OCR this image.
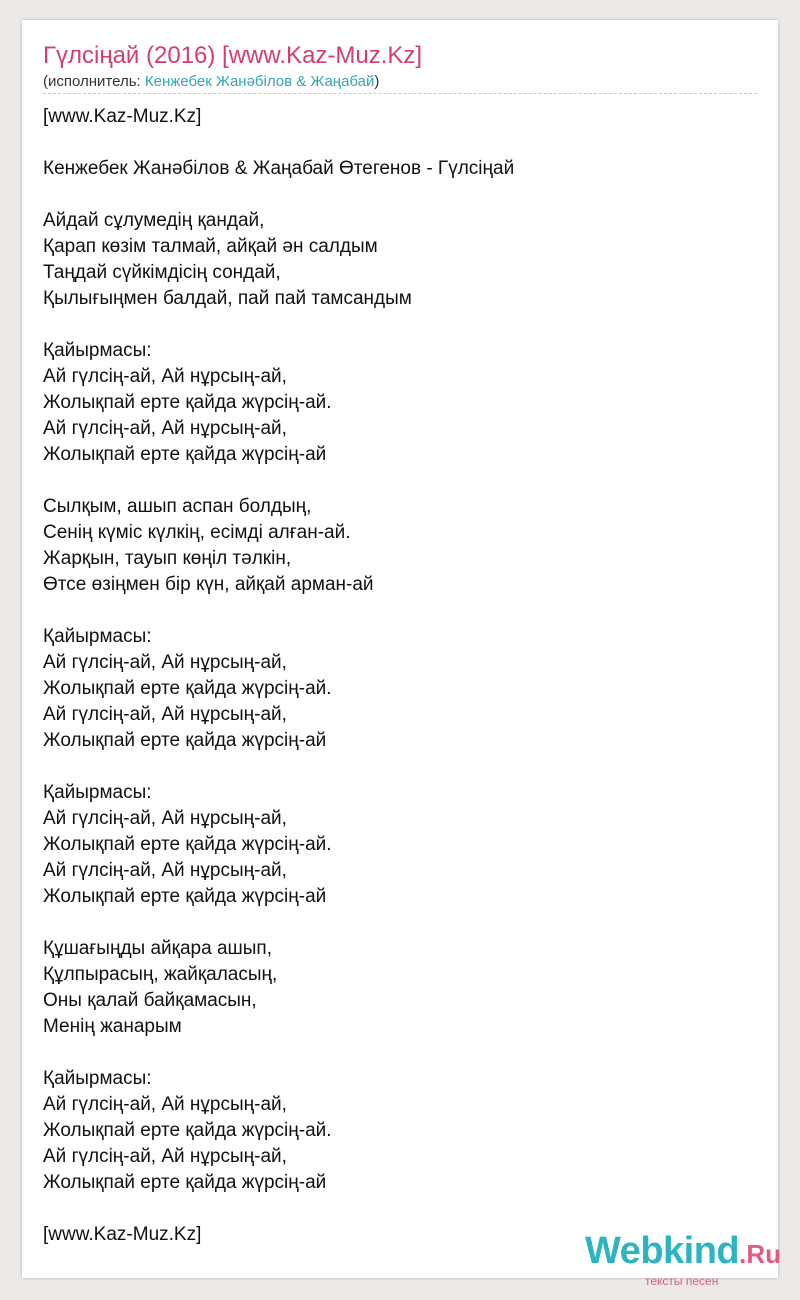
Гүлсіңай (2016) [www.Kaz-Muz.Kz]
(исполнитель: Кенжебек Жанәбілов & Жаңабай)
[www.Kaz-Muz.Kz]

Кенжебек Жанәбілов & Жаңабай Өтегенов - Гүлсіңай

Айдай сұлумедің қандай,
Қарап көзім талмай, айқай ән салдым
Таңдай сүйкімдісің сондай,
Қылығыңмен балдай, пай пай тамсандым

Қайырмасы:
Ай гүлсің-ай, Ай нұрсың-ай,
Жолықпай ерте қайда жүрсің-ай.
Ай гүлсің-ай, Ай нұрсың-ай,
Жолықпай ерте қайда жүрсің-ай

Сылқым, ашып аспан болдың,
Сенің күміс күлкің, есімді алған-ай.
Жарқын, тауып көңіл тәлкін,
Өтсе өзіңмен бір күн, айқай арман-ай

Қайырмасы:
Ай гүлсің-ай, Ай нұрсың-ай,
Жолықпай ерте қайда жүрсің-ай.
Ай гүлсің-ай, Ай нұрсың-ай,
Жолықпай ерте қайда жүрсің-ай

Қайырмасы:
Ай гүлсің-ай, Ай нұрсың-ай,
Жолықпай ерте қайда жүрсің-ай.
Ай гүлсің-ай, Ай нұрсың-ай,
Жолықпай ерте қайда жүрсің-ай

Құшағыңды айқара ашып,
Құлпырасың, жайқаласың,
Оны қалай байқамасын,
Менің жанарым

Қайырмасы:
Ай гүлсің-ай, Ай нұрсың-ай,
Жолықпай ерте қайда жүрсің-ай.
Ай гүлсің-ай, Ай нұрсың-ай,
Жолықпай ерте қайда жүрсің-ай

[www.Kaz-Muz.Kz]	Webkind.Ru
тексты песен
